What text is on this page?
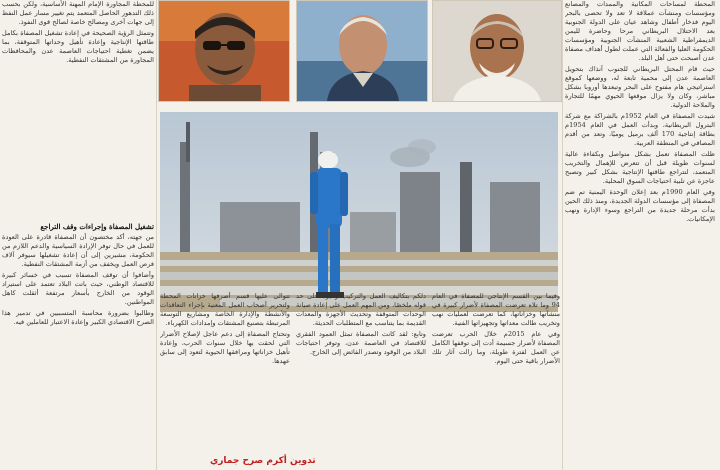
المحطة لمساحات المكانية والممدات والمصانع ومؤسسات ومنشآت عملاقة لا تعد ولا تحصى بالبحر اليوم فدخار أطفال وشاهد عيان على الدولة الجنوبية بعد الاحتلال البريطاني مرحا وحاضرة لليمن الديمقراطية الشعبية المنشآت الجنوبية ومؤسسات الحكومة العليا والفعالة التي عملت لطول أهداف مصفاة عدن أصبحت حتى أهل البلد.

حيث قام المحتل البريطاني للجنوب آنذاك بتحويل العاصمة عدن إلى محمية تابعة له، ووضعها كموقع استراتيجي هام مفتوح على البحر وتبعدها أوروبا بشكل مباشر، وكان ولا يزال موقعها الحيوي مهمًا للتجارة والملاحة الدولية.

شيدت المصفاة في العام 1952م بالشراكة مع شركة البترول البريطانية، وبدأت العمل في العام 1954م بطاقة إنتاجية 170 ألف برميل يوميًا، وتعد من أقدم المصافي في المنطقة العربية.

ظلت المصفاة تعمل بشكل متواصل وبكفاءة عالية لسنوات طويلة قبل أن تتعرض للإهمال والتخريب المتعمد، لتتراجع طاقتها الإنتاجية بشكل كبير وتصبح عاجزة عن تلبية احتياجات السوق المحلية.

وفي العام 1990م بعد إعلان الوحدة اليمنية تم ضم المصفاة إلى مؤسسات الدولة الجديدة، ومنذ ذلك الحين بدأت مرحلة جديدة من التراجع وسوء الإدارة ونهب الإمكانيات.

للمحطة المجاورة الإمام المهنة الأساسية، ولكن بحسب ذلك التدهور الحاصل المتعمد يتم تغيير مسار عمل النفط إلى جهات أخرى ومصالح خاصة لصالح قوى النفوذ.

وتتمثل الرؤية الصحيحة في إعادة تشغيل المصفاة بكامل طاقتها الإنتاجية وإعادة تأهيل وحداتها المتوقفة، بما يضمن تغطية احتياجات العاصمة عدن والمحافظات المجاورة من المشتقات النفطية.

تشغيل المصفاة وإجراءات وقف التراجع

من جهته، أكد مختصون أن المصفاة قادرة على العودة للعمل في حال توفر الإرادة السياسية والدعم اللازم من الحكومة، مشيرين إلى أن إعادة تشغيلها سيوفر آلاف فرص العمل ويخفف من أزمة المشتقات النفطية.

وأضافوا أن توقف المصفاة تسبب في خسائر كبيرة للاقتصاد الوطني، حيث باتت البلاد تعتمد على استيراد الوقود من الخارج بأسعار مرتفعة أثقلت كاهل المواطنين.

وطالبوا بضرورة محاسبة المتسببين في تدمير هذا الصرح الاقتصادي الكبير وإعادة الاعتبار للعاملين فيه.

تتوالى عليها قسم أصرفها خزانات المحطة ولتحرير أصحاب العمل المعنية بإجراء التعاقدات والأنشطة والإدارة الخاصة ومشاريع التوسعة المرتبطة بتصنيع المشتقات وإمدادات الكهرباء.

وتحتاج المصفاة إلى دعم عاجل لإصلاح الأضرار التي لحقت بها خلال سنوات الحرب، وإعادة تأهيل خزاناتها ومرافقها الحيوية لتعود إلى سابق عهدها.

دلكم بتكاليف العمل والتركيب وغيره على حد قوله ملخصًا، ومن المهم العمل على إعادة صيانة الوحدات المتوقفة وتحديث الأجهزة والمعدات القديمة بما يتناسب مع المتطلبات الحديثة.

وتابع: لقد كانت المصفاة تمثل العمود الفقري للاقتصاد في العاصمة عدن، وتوفر احتياجات البلاد من الوقود وتصدر الفائض إلى الخارج.

وفيما بين القسم الإنتاجي للمصفاة في العام 94 وما تلاه تعرضت المصفاة لأضرار كبيرة في منشآتها وخزاناتها، كما تعرضت لعمليات نهب وتخريب طالت معداتها وتجهيزاتها الفنية.

وفي عام 2015م خلال الحرب تعرضت المصفاة لأضرار جسيمة أدت إلى توقفها الكامل عن العمل لفترة طويلة، وما زالت آثار تلك الأضرار باقية حتى اليوم.

تدوين أكرم صرح جماري
